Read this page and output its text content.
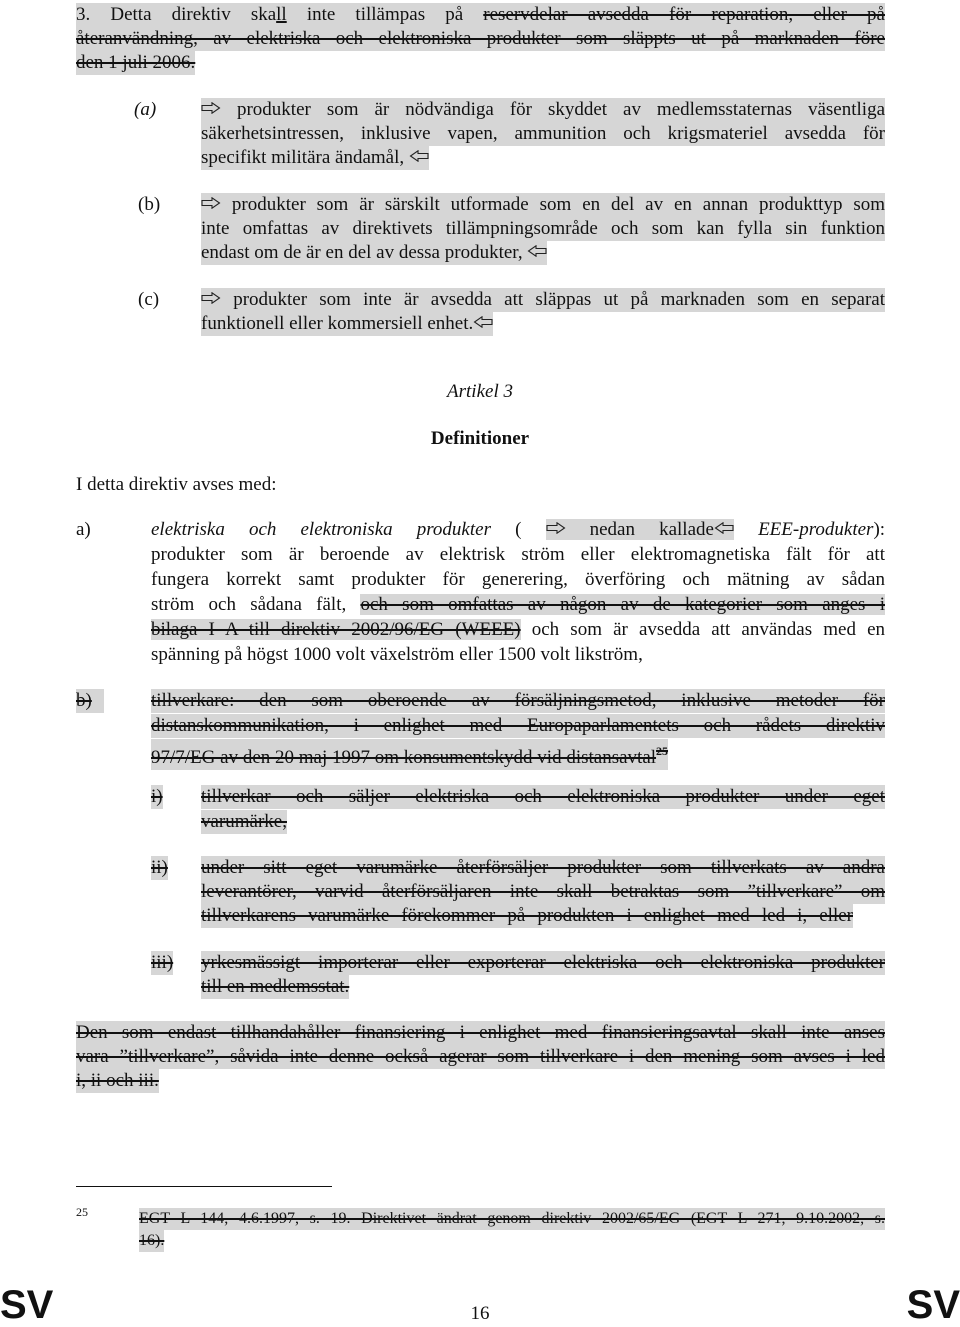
3. Detta direktiv skall inte tillämpas på reservdelar avsedda för reparation, eller på
återanvändning, av elektriska och elektroniska produkter som släppts ut på marknaden före
den 1 juli 2006.
(a)	produkter som är nödvändiga för skyddet av medlemsstaternas väsentliga
säkerhetsintressen, inklusive vapen, ammunition och krigsmateriel avsedda för
specifikt militära ändamål,
(b)	produkter som är särskilt utformade som en del av en annan produkttyp som
inte omfattas av direktivets tillämpningsområde och som kan fylla sin funktion
endast om de är en del av dessa produkter,
(c)	produkter som inte är avsedda att släppas ut på marknaden som en separat
funktionell eller kommersiell enhet.
Artikel 3
Definitioner
I detta direktiv avses med:
a)	elektriska och elektroniska produkter (	nedan kallade EEE-produkter):
produkter som är beroende av elektrisk ström eller elektromagnetiska fält för att
fungera korrekt samt produkter för generering, överföring och mätning av sådan
ström och sådana fält, och som omfattas av någon av de kategorier som anges i
bilaga I A till direktiv 2002/96/EG (WEEE) och som är avsedda att användas med en
spänning på högst 1000 volt växelström eller 1500 volt likström,
b)	tillverkare: den som oberoende av försäljningsmetod, inklusive metoder för
distanskommunikation, i enlighet med Europaparlamentets och rådets direktiv
97/7/EG av den 20 maj 1997 om konsumentskydd vid distansavtal$^{25}$
i) tillverkar och säljer elektriska och elektroniska produkter under eget
varumärke,
ii) under sitt eget varumärke återförsäljer produkter som tillverkats av andra
leverantörer, varvid återförsäljaren inte skall betraktas som ”tillverkare” om
tillverkarens varumärke förekommer på produkten i enlighet med led i, eller
iii) yrkesmässigt importerar eller exporterar elektriska och elektroniska produkter
till en medlemsstat.
Den som endast tillhandahåller finansiering i enlighet med finansieringsavtal skall inte anses
vara ”tillverkare”, såvida inte denne också agerar som tillverkare i den mening som avses i led
i, ii och iii.
25	EGT L 144, 4.6.1997, s. 19. Direktivet ändrat genom direktiv 2002/65/EG (EGT L 271, 9.10.2002, s.
16).
SV	16	SV
